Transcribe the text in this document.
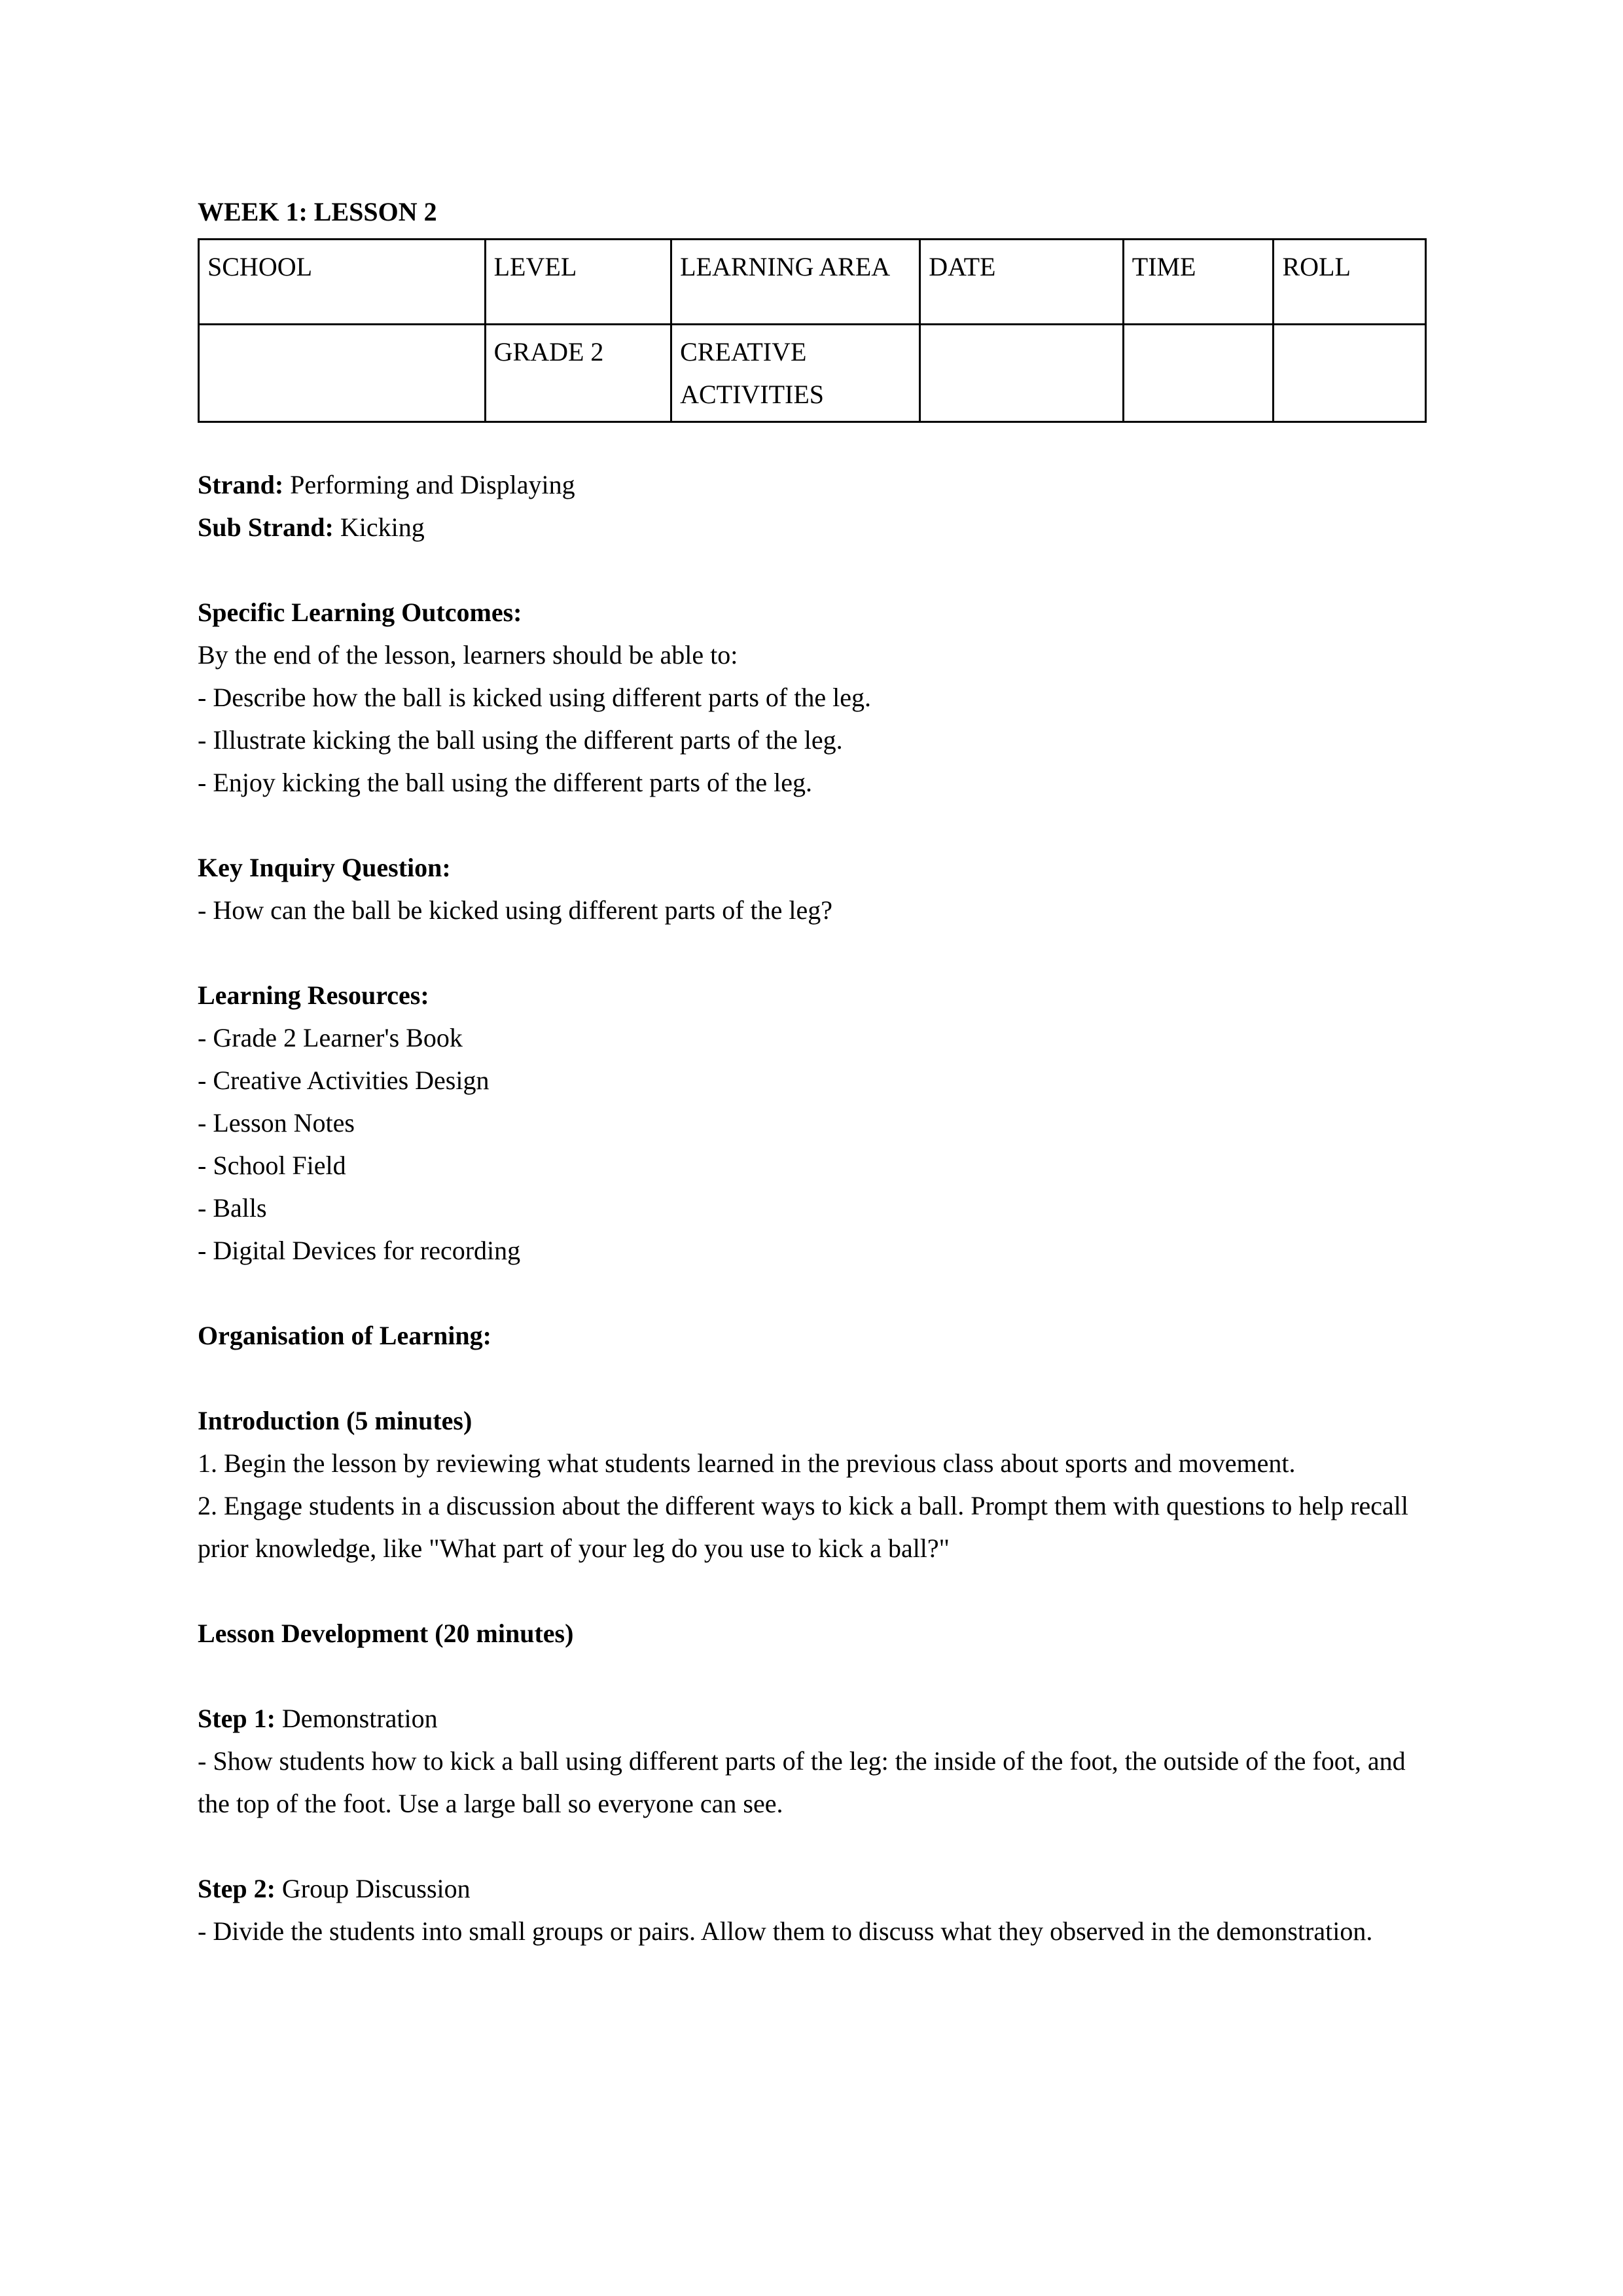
WEEK 1: LESSON 2

SCHOOL	LEVEL	LEARNING AREA	DATE	TIME	ROLL
	GRADE 2	CREATIVE ACTIVITIES			

Strand: Performing and Displaying

Sub Strand: Kicking

Specific Learning Outcomes:

By the end of the lesson, learners should be able to:

- Describe how the ball is kicked using different parts of the leg.

- Illustrate kicking the ball using the different parts of the leg.

- Enjoy kicking the ball using the different parts of the leg.

Key Inquiry Question:

- How can the ball be kicked using different parts of the leg?

Learning Resources:

- Grade 2 Learner's Book

- Creative Activities Design

- Lesson Notes

- School Field

- Balls

- Digital Devices for recording

Organisation of Learning:

Introduction (5 minutes)

1. Begin the lesson by reviewing what students learned in the previous class about sports and movement.

2. Engage students in a discussion about the different ways to kick a ball. Prompt them with questions to help recall prior knowledge, like "What part of your leg do you use to kick a ball?"

Lesson Development (20 minutes)

Step 1: Demonstration

- Show students how to kick a ball using different parts of the leg: the inside of the foot, the outside of the foot, and the top of the foot. Use a large ball so everyone can see.

Step 2: Group Discussion

- Divide the students into small groups or pairs. Allow them to discuss what they observed in the demonstration.
